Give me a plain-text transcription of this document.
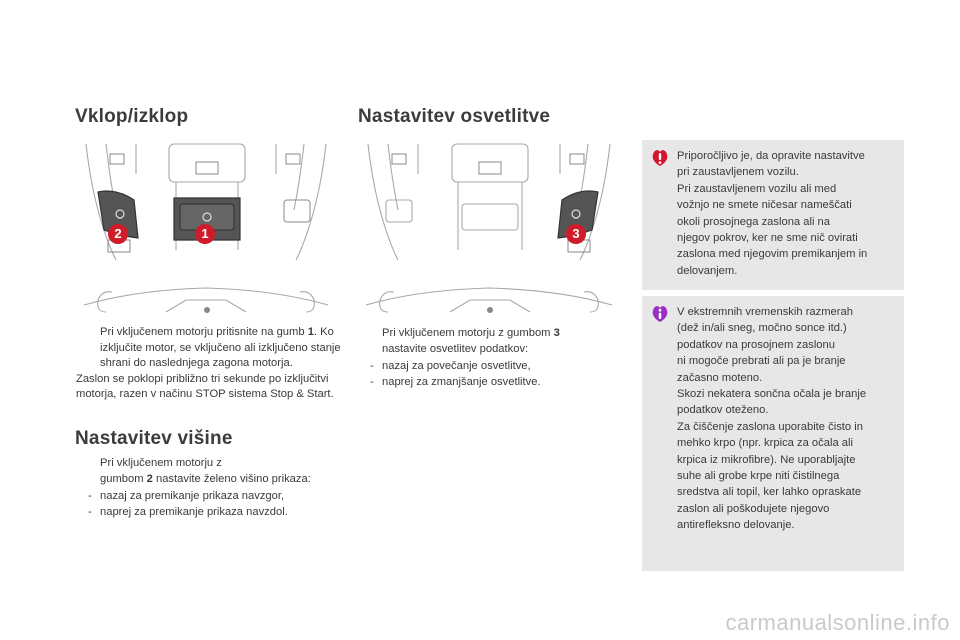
Vklop/izklop
2	1

Pri vključenem motorju pritisnite na gumb 1. Ko izključite motor, se vključeno ali izključeno stanje shrani do naslednjega zagona motorja.

Zaslon se poklopi približno tri sekunde po izključitvi motorja, razen v načinu STOP sistema Stop & Start.

Nastavitev višine

Pri vključenem motorju z
gumbom 2 nastavite želeno višino prikaza:

- nazaj za premikanje prikaza navzgor,

- naprej za premikanje prikaza navzdol.

Nastavitev osvetlitve
3

Pri vključenem motorju z gumbom 3
nastavite osvetlitev podatkov:

- nazaj za povečanje osvetlitve,

- naprej za zmanjšanje osvetlitve.

Priporočljivo je, da opravite nastavitve

pri zaustavljenem vozilu.

Pri zaustavljenem vozilu ali med

vožnjo ne smete ničesar nameščati

okoli prosojnega zaslona ali na

njegov pokrov, ker ne sme nič ovirati

zaslona med njegovim premikanjem in

delovanjem.

V ekstremnih vremenskih razmerah

(dež in/ali sneg, močno sonce itd.)

podatkov na prosojnem zaslonu

ni mogoče prebrati ali pa je branje

začasno moteno.

Skozi nekatera sončna očala je branje

podatkov oteženo.

Za čiščenje zaslona uporabite čisto in

mehko krpo (npr. krpica za očala ali

krpica iz mikrofibre). Ne uporabljajte

suhe ali grobe krpe niti čistilnega

sredstva ali topil, ker lahko opraskate

zaslon ali poškodujete njegovo

antirefleksno delovanje.

carmanualsonline.info
